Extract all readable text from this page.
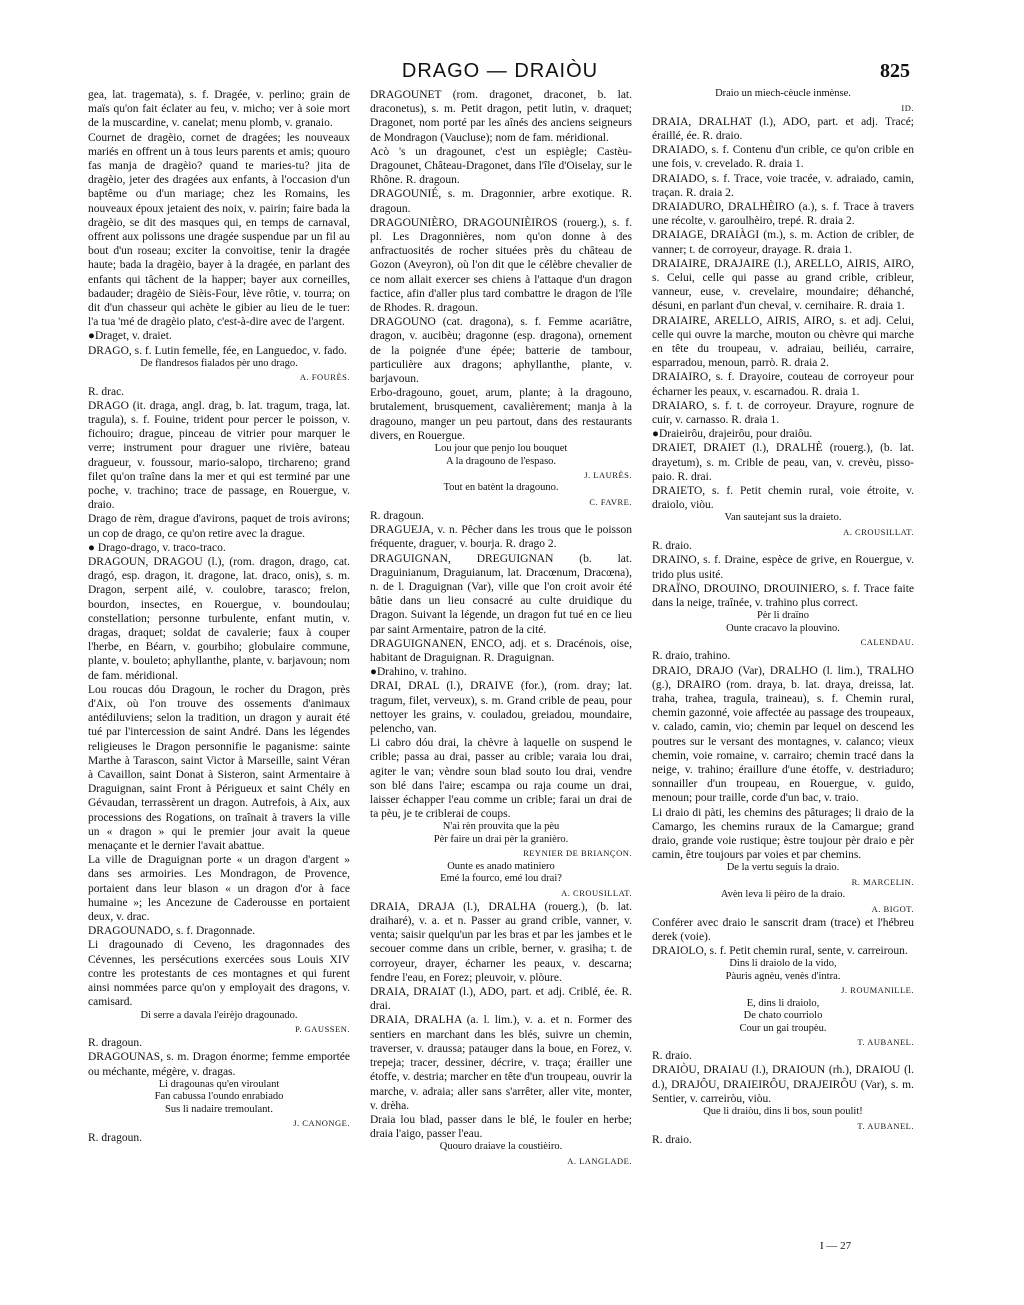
DRAGO — DRAIÒU	825

gea, lat. tragemata), s. f. Dragée, v. perlino; grain de maïs qu'on fait éclater au feu, v. micho; ver à soie mort de la muscardine, v. canelat; menu plomb, v. granaio.

Cournet de dragèio, cornet de dragées; les nouveaux mariés en offrent un à tous leurs parents et amis; quouro fas manja de dragèio? quand te maries-tu? jita de dragèio, jeter des dragées aux enfants, à l'occasion d'un baptême ou d'un mariage; chez les Romains, les nouveaux époux jetaient des noix, v. pairin; faire bada la dragèio, se dit des masques qui, en temps de carnaval, offrent aux polissons une dragée suspendue par un fil au bout d'un roseau; exciter la convoitise, tenir la dragée haute; bada la dragèio, bayer à la dragée, en parlant des enfants qui tâchent de la happer; bayer aux corneilles, badauder; dragèio de Sièis-Four, lève rôtie, v. tourra; on dit d'un chasseur qui achète le gibier au lieu de le tuer: l'a tua 'mé de dragèio plato, c'est-à-dire avec de l'argent.

●Draget, v. draiet.

DRAGO, s. f. Lutin femelle, fée, en Languedoc, v. fado.

De flandresos fialados pèr uno drago.

A. FOURÈS.

R. drac.

DRAGO (it. draga, angl. drag, b. lat. tragum, traga, lat. tragula), s. f. Fouine, trident pour percer le poisson, v. fichouiro; drague, pinceau de vitrier pour marquer le verre; instrument pour draguer une rivière, bateau dragueur, v. foussour, mario-salopo, tirchareno; grand filet qu'on traîne dans la mer et qui est terminé par une poche, v. trachino; trace de passage, en Rouergue, v. draio.

Drago de rèm, drague d'avirons, paquet de trois avirons; un cop de drago, ce qu'on retire avec la drague.

● Drago-drago, v. traco-traco.

DRAGOUN, DRAGOU (l.), (rom. dragon, drago, cat. dragó, esp. dragon, it. dragone, lat. draco, onis), s. m. Dragon, serpent ailé, v. coulobre, tarasco; frelon, bourdon, insectes, en Rouergue, v. boundoulau; constellation; personne turbulente, enfant mutin, v. dragas, draquet; soldat de cavalerie; faux à couper l'herbe, en Béarn, v. gourbiho; globulaire commune, plante, v. bouleto; aphyllanthe, plante, v. barjavoun; nom de fam. méridional.

Lou roucas dóu Dragoun, le rocher du Dragon, près d'Aix, où l'on trouve des ossements d'animaux antédiluviens; selon la tradition, un dragon y aurait été tué par l'intercession de saint André. Dans les légendes religieuses le Dragon personnifie le paganisme: sainte Marthe à Tarascon, saint Victor à Marseille, saint Véran à Cavaillon, saint Donat à Sisteron, saint Armentaire à Draguignan, saint Front à Périgueux et saint Chély en Gévaudan, terrassèrent un dragon. Autrefois, à Aix, aux processions des Rogations, on traînait à travers la ville un « dragon » qui le premier jour avait la queue menaçante et le dernier l'avait abattue.

La ville de Draguignan porte « un dragon d'argent » dans ses armoiries. Les Mondragon, de Provence, portaient dans leur blason « un dragon d'or à face humaine »; les Ancezune de Caderousse en portaient deux, v. drac.

DRAGOUNADO, s. f. Dragonnade.

Li dragounado di Ceveno, les dragonnades des Cévennes, les persécutions exercées sous Louis XIV contre les protestants de ces montagnes et qui furent ainsi nommées parce qu'on y employait des dragons, v. camisard.

Di serre a davala l'eirèjo dragounado.

P. GAUSSEN.

R. dragoun.

DRAGOUNAS, s. m. Dragon énorme; femme emportée ou méchante, mégère, v. dragas.

Li dragounas qu'en viroulant
Fan cabussa l'oundo enrabiado
Sus li nadaire tremoulant.

J. CANONGE.

R. dragoun.

DRAGOUNET (rom. dragonet, draconet, b. lat. draconetus), s. m. Petit dragon, petit lutin, v. draquet; Dragonet, nom porté par les aînés des anciens seigneurs de Mondragon (Vaucluse); nom de fam. méridional.

Acò 's un dragounet, c'est un espiègle; Castèu-Dragounet, Château-Dragonet, dans l'île d'Oiselay, sur le Rhône. R. dragoun.

DRAGOUNIÉ, s. m. Dragonnier, arbre exotique. R. dragoun.

DRAGOUNIÈRO, DRAGOUNIÈIROS (rouerg.), s. f. pl. Les Dragonnières, nom qu'on donne à des anfractuosités de rocher situées près du château de Gozon (Aveyron), où l'on dit que le célèbre chevalier de ce nom allait exercer ses chiens à l'attaque d'un dragon factice, afin d'aller plus tard combattre le dragon de l'île de Rhodes. R. dragoun.

DRAGOUNO (cat. dragona), s. f. Femme acariâtre, dragon, v. aucibèu; dragonne (esp. dragona), ornement de la poignée d'une épée; batterie de tambour, particulière aux dragons; aphyllanthe, plante, v. barjavoun.

Erbo-dragouno, gouet, arum, plante; à la dragouno, brutalement, brusquement, cavalièrement; manja à la dragouno, manger un peu partout, dans des restaurants divers, en Rouergue.

Lou jour que penjo lou bouquet
A la dragouno de l'espaso.

J. LAURÈS.

Tout en batènt la dragouno.

C. FAVRE.

R. dragoun.

DRAGUEJA, v. n. Pêcher dans les trous que le poisson fréquente, draguer, v. bourja. R. drago 2.

DRAGUIGNAN, DREGUIGNAN (b. lat. Draguinianum, Draguianum, lat. Dracœnum, Dracœna), n. de l. Draguignan (Var), ville que l'on croit avoir été bâtie dans un lieu consacré au culte druidique du Dragon. Suivant la légende, un dragon fut tué en ce lieu par saint Armentaire, patron de la cité.

DRAGUIGNANEN, ENCO, adj. et s. Dracénois, oise, habitant de Draguignan. R. Draguignan.

●Drahino, v. trahino.

DRAI, DRAL (l.), DRAIVE (for.), (rom. dray; lat. tragum, filet, verveux), s. m. Grand crible de peau, pour nettoyer les grains, v. couladou, greiadou, moundaire, pelencho, van.

Li cabro dóu drai, la chèvre à laquelle on suspend le crible; passa au drai, passer au crible; varaia lou drai, agiter le van; vèndre soun blad souto lou drai, vendre son blé dans l'aire; escampa ou raja coume un drai, laisser échapper l'eau comme un crible; farai un drai de ta pèu, je te criblerai de coups.

N'ai rèn prouvita que la pèu
Pèr faire un drai pèr la granièro.

REYNIER DE BRIANÇON.

Ounte es anado matiniero
Emé la fourco, emé lou drai?

A. CROUSILLAT.

DRAIA, DRAJA (l.), DRALHA (rouerg.), (b. lat. draiharé), v. a. et n. Passer au grand crible, vanner, v. venta; saisir quelqu'un par les bras et par les jambes et le secouer comme dans un crible, berner, v. grasiha; t. de corroyeur, drayer, écharner les peaux, v. descarna; fendre l'eau, en Forez; pleuvoir, v. plòure.

DRAIA, DRAIAT (l.), ADO, part. et adj. Criblé, ée. R. drai.

DRAIA, DRALHA (a. l. lim.), v. a. et n. Former des sentiers en marchant dans les blés, suivre un chemin, traverser, v. draussa; patauger dans la boue, en Forez, v. trepeja; tracer, dessiner, décrire, v. traça; érailler une étoffe, v. destria; marcher en tête d'un troupeau, ouvrir la marche, v. adraia; aller sans s'arrêter, aller vite, monter, v. drèha.

Draia lou blad, passer dans le blé, le fouler en herbe; draia l'aigo, passer l'eau.

Quouro draiave la coustièiro.

A. LANGLADE.

Draio un miech-cèucle inmènse.

ID.

DRAIA, DRALHAT (l.), ADO, part. et adj. Tracé; éraillé, ée. R. draio.

DRAIADO, s. f. Contenu d'un crible, ce qu'on crible en une fois, v. crevelado. R. draia 1.

DRAIADO, s. f. Trace, voie tracée, v. adraiado, camin, traçan. R. draia 2.

DRAIADURO, DRALHÈIRO (a.), s. f. Trace à travers une récolte, v. garoulhèiro, trepé. R. draia 2.

DRAIAGE, DRAIÀGI (m.), s. m. Action de cribler, de vanner; t. de corroyeur, drayage. R. draia 1.

DRAIAIRE, DRAJAIRE (l.), ARELLO, AIRIS, AIRO, s. Celui, celle qui passe au grand crible, cribleur, vanneur, euse, v. crevelaire, moundaire; déhanché, désuni, en parlant d'un cheval, v. cernihaire. R. draia 1.

DRAIAIRE, ARELLO, AIRIS, AIRO, s. et adj. Celui, celle qui ouvre la marche, mouton ou chèvre qui marche en tête du troupeau, v. adraiau, beiliéu, carraire, esparradou, menoun, parrò. R. draia 2.

DRAIAIRO, s. f. Drayoire, couteau de corroyeur pour écharner les peaux, v. escarnadou. R. draia 1.

DRAIARO, s. f. t. de corroyeur. Drayure, rognure de cuir, v. carnasso. R. draia 1.

●Draieirôu, drajeirôu, pour draiôu.

DRAIET, DRAIET (l.), DRALHÈ (rouerg.), (b. lat. drayetum), s. m. Crible de peau, van, v. crevèu, pisso-paio. R. drai.

DRAIETO, s. f. Petit chemin rural, voie étroite, v. draiolo, viòu.

Van sautejant sus la draieto.

A. CROUSILLAT.

R. draio.

DRAINO, s. f. Draine, espèce de grive, en Rouergue, v. trido plus usité.

DRAÏNO, DROUINO, DROUINIERO, s. f. Trace faite dans la neige, traînée, v. trahino plus correct.

Pèr li draïno
Ounte cracavo la plouvino.

CALENDAU.

R. draio, trahino.

DRAIO, DRAJO (Var), DRALHO (l. lim.), TRALHO (g.), DRAIRO (rom. draya, b. lat. draya, dreissa, lat. traha, trahea, tragula, traineau), s. f. Chemin rural, chemin gazonné, voie affectée au passage des troupeaux, v. calado, camin, vio; chemin par lequel on descend les poutres sur le versant des montagnes, v. calanco; vieux chemin, voie romaine, v. carrairo; chemin tracé dans la neige, v. trahino; éraillure d'une étoffe, v. destriaduro; sonnailler d'un troupeau, en Rouergue, v. guido, menoun; pour traille, corde d'un bac, v. traio.

Li draio di pàti, les chemins des pâturages; li draio de la Camargo, les chemins ruraux de la Camargue; grand draio, grande voie rustique; èstre toujour pèr draio e pèr camin, être toujours par voies et par chemins.

De la vertu seguis la draio.

R. MARCELIN.

Avèn leva li pèiro de la draio.

A. BIGOT.

Conférer avec draio le sanscrit dram (trace) et l'hébreu derek (voie).

DRAIOLO, s. f. Petit chemin rural, sente, v. carreiroun.

Dins li draiolo de la vido,
Pàuris agnèu, venès d'intra.

J. ROUMANILLE.

E, dins li draiolo,
De chato courriolo
Cour un gai troupèu.

T. AUBANEL.

R. draio.

DRAIÒU, DRAIAU (l.), DRAIOUN (rh.), DRAIOU (l. d.), DRAJÔU, DRAIEIRÔU, DRAJEIRÔU (Var), s. m. Sentier, v. carreiròu, viòu.

Que li draiòu, dins li bos, soun poulit!

T. AUBANEL.

R. draio.

I — 27
